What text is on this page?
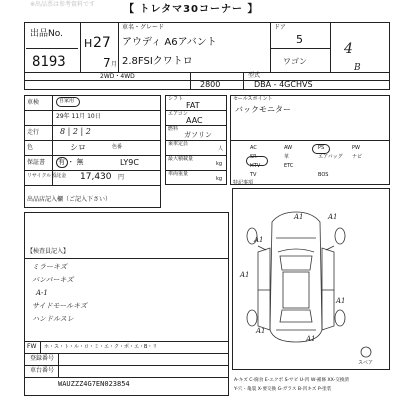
※出品票は参考資料です	【 トレタマ30コーナー 】
出品No.
8193
H 27
7 月
車名・グレード
アウディ A6アバント
2.8FSIクワトロ
ドア
5
ワゴン
4
B
2WD・4WD
2800
型式
DBA - 4GCHVS
車検	自家用
29年 11月 10日
走行	8 | 2 | 2
色	シロ	色番
保証書 有 ・ 無	LY9C
リサイクル預託金 17,430 円
出品店記入欄（ご記入下さい）
シフト
FAT
エアコン
AAC
燃料
ガソリン
乗車定員
人
最大積載量
kg
車両重量
kg
セールスポイント
バックモニター
AC	AW	PS	PW
SR	革	エアバッグ ナビ
HTV	ETC
TV	BOS
特記事項
【検査員記入】
ミラーキズ
バンパーキズ
A-1
サイドモールキズ
ハンドルスレ
FW ホ・ス・ト・ル・ロ・ミ・エ・ク・ポ・エ・B・リ
登録番号
車台番号
WAUZZZ4G7EN023854
A1
A1
A1
A1
A1
A1
A1
スペア
A-キズ C-腐食 E-エクボ S-サビ U-凹 W-補修 XX-交換済
Y-穴・亀裂 X-要交換 G-ガラス B-凹キズ P-塗装
